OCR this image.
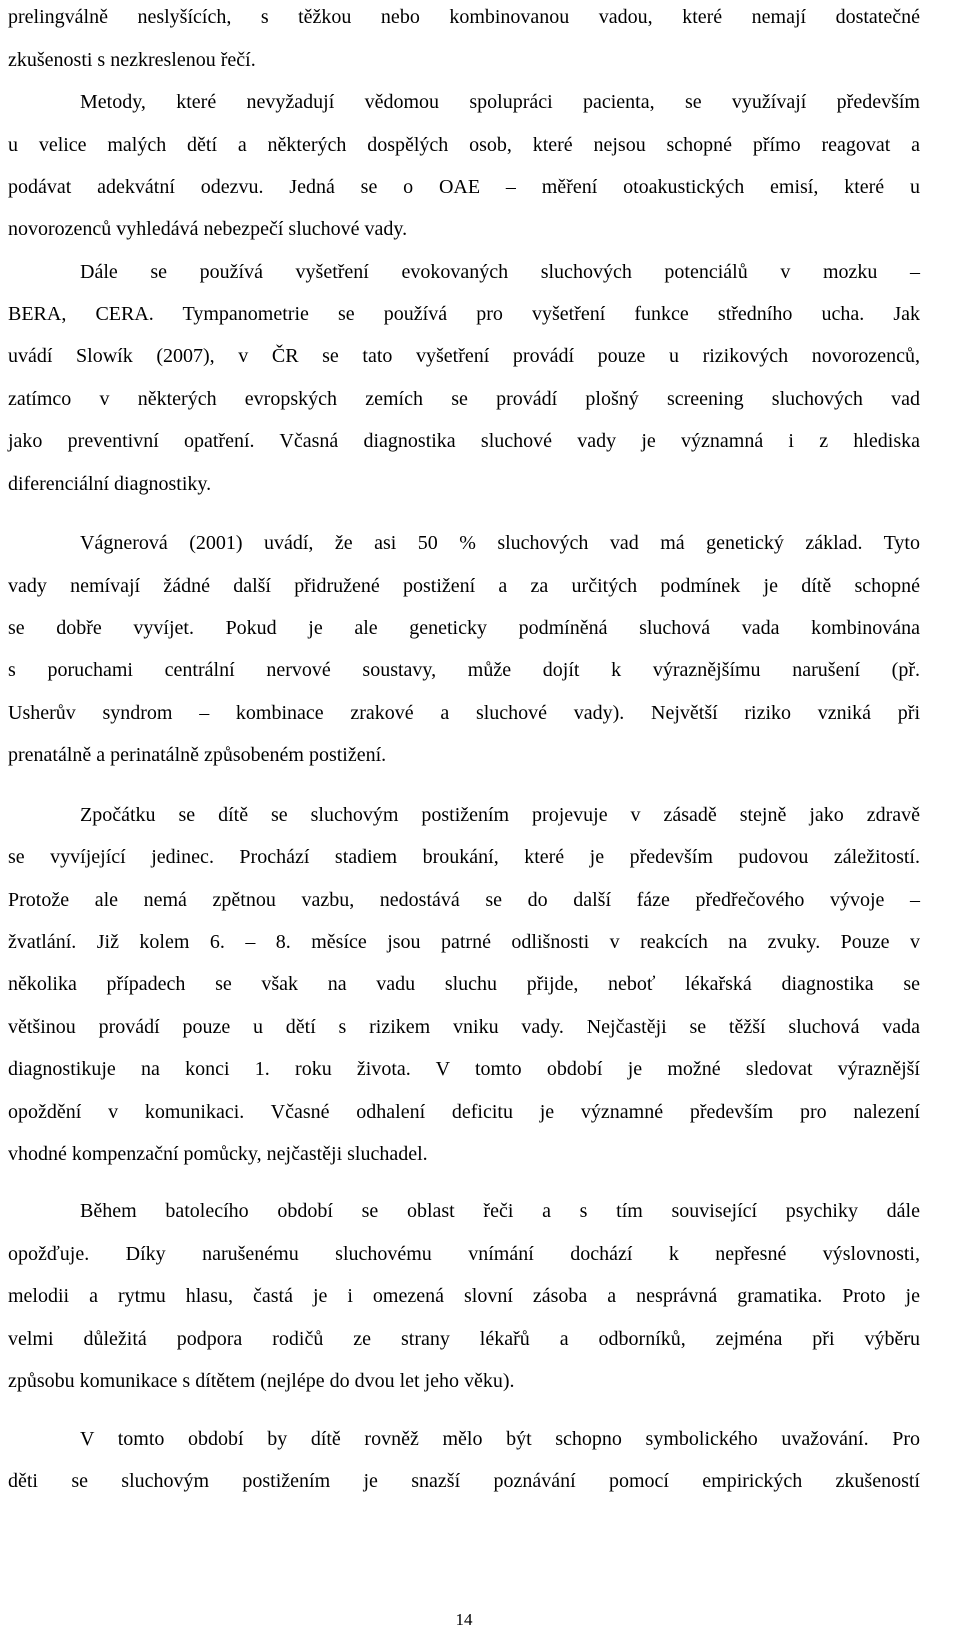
prelingválně neslyšících, s těžkou nebo kombinovanou vadou, které nemají dostatečné
zkušenosti s nezkreslenou řečí.
Metody, které nevyžadují vědomou spolupráci pacienta, se využívají především
u velice malých dětí a některých dospělých osob, které nejsou schopné přímo reagovat a
podávat adekvátní odezvu. Jedná se o OAE – měření otoakustických emisí, které u
novorozenců vyhledává nebezpečí sluchové vady.
Dále se používá vyšetření evokovaných sluchových potenciálů v mozku –
BERA, CERA. Tympanometrie se používá pro vyšetření funkce středního ucha. Jak
uvádí Slowík (2007), v ČR se tato vyšetření provádí pouze u rizikových novorozenců,
zatímco v některých evropských zemích se provádí plošný screening sluchových vad
jako preventivní opatření. Včasná diagnostika sluchové vady je významná i z hlediska
diferenciální diagnostiky.
Vágnerová (2001) uvádí, že asi 50 % sluchových vad má genetický základ. Tyto
vady nemívají žádné další přidružené postižení a za určitých podmínek je dítě schopné
se dobře vyvíjet. Pokud je ale geneticky podmíněná sluchová vada kombinována
s poruchami centrální nervové soustavy, může dojít k výraznějšímu narušení (př.
Usherův syndrom – kombinace zrakové a sluchové vady). Největší riziko vzniká při
prenatálně a perinatálně způsobeném postižení.
Zpočátku se dítě se sluchovým postižením projevuje v zásadě stejně jako zdravě
se vyvíjející jedinec. Prochází stadiem broukání, které je především pudovou záležitostí.
Protože ale nemá zpětnou vazbu, nedostává se do další fáze předřečového vývoje –
žvatlání. Již kolem 6. – 8. měsíce jsou patrné odlišnosti v reakcích na zvuky. Pouze v
několika případech se však na vadu sluchu přijde, neboť lékařská diagnostika se
většinou provádí pouze u dětí s rizikem vniku vady. Nejčastěji se těžší sluchová vada
diagnostikuje na konci 1. roku života. V tomto období je možné sledovat výraznější
opoždění v komunikaci. Včasné odhalení deficitu je významné především pro nalezení
vhodné kompenzační pomůcky, nejčastěji sluchadel.
Během batolecího období se oblast řeči a s tím související psychiky dále
opožďuje. Díky narušenému sluchovému vnímání dochází k nepřesné výslovnosti,
melodii a rytmu hlasu, častá je i omezená slovní zásoba a nesprávná gramatika. Proto je
velmi důležitá podpora rodičů ze strany lékařů a odborníků, zejména při výběru
způsobu komunikace s dítětem (nejlépe do dvou let jeho věku).
V tomto období by dítě rovněž mělo být schopno symbolického uvažování. Pro
děti se sluchovým postižením je snazší poznávání pomocí empirických zkušeností
14
